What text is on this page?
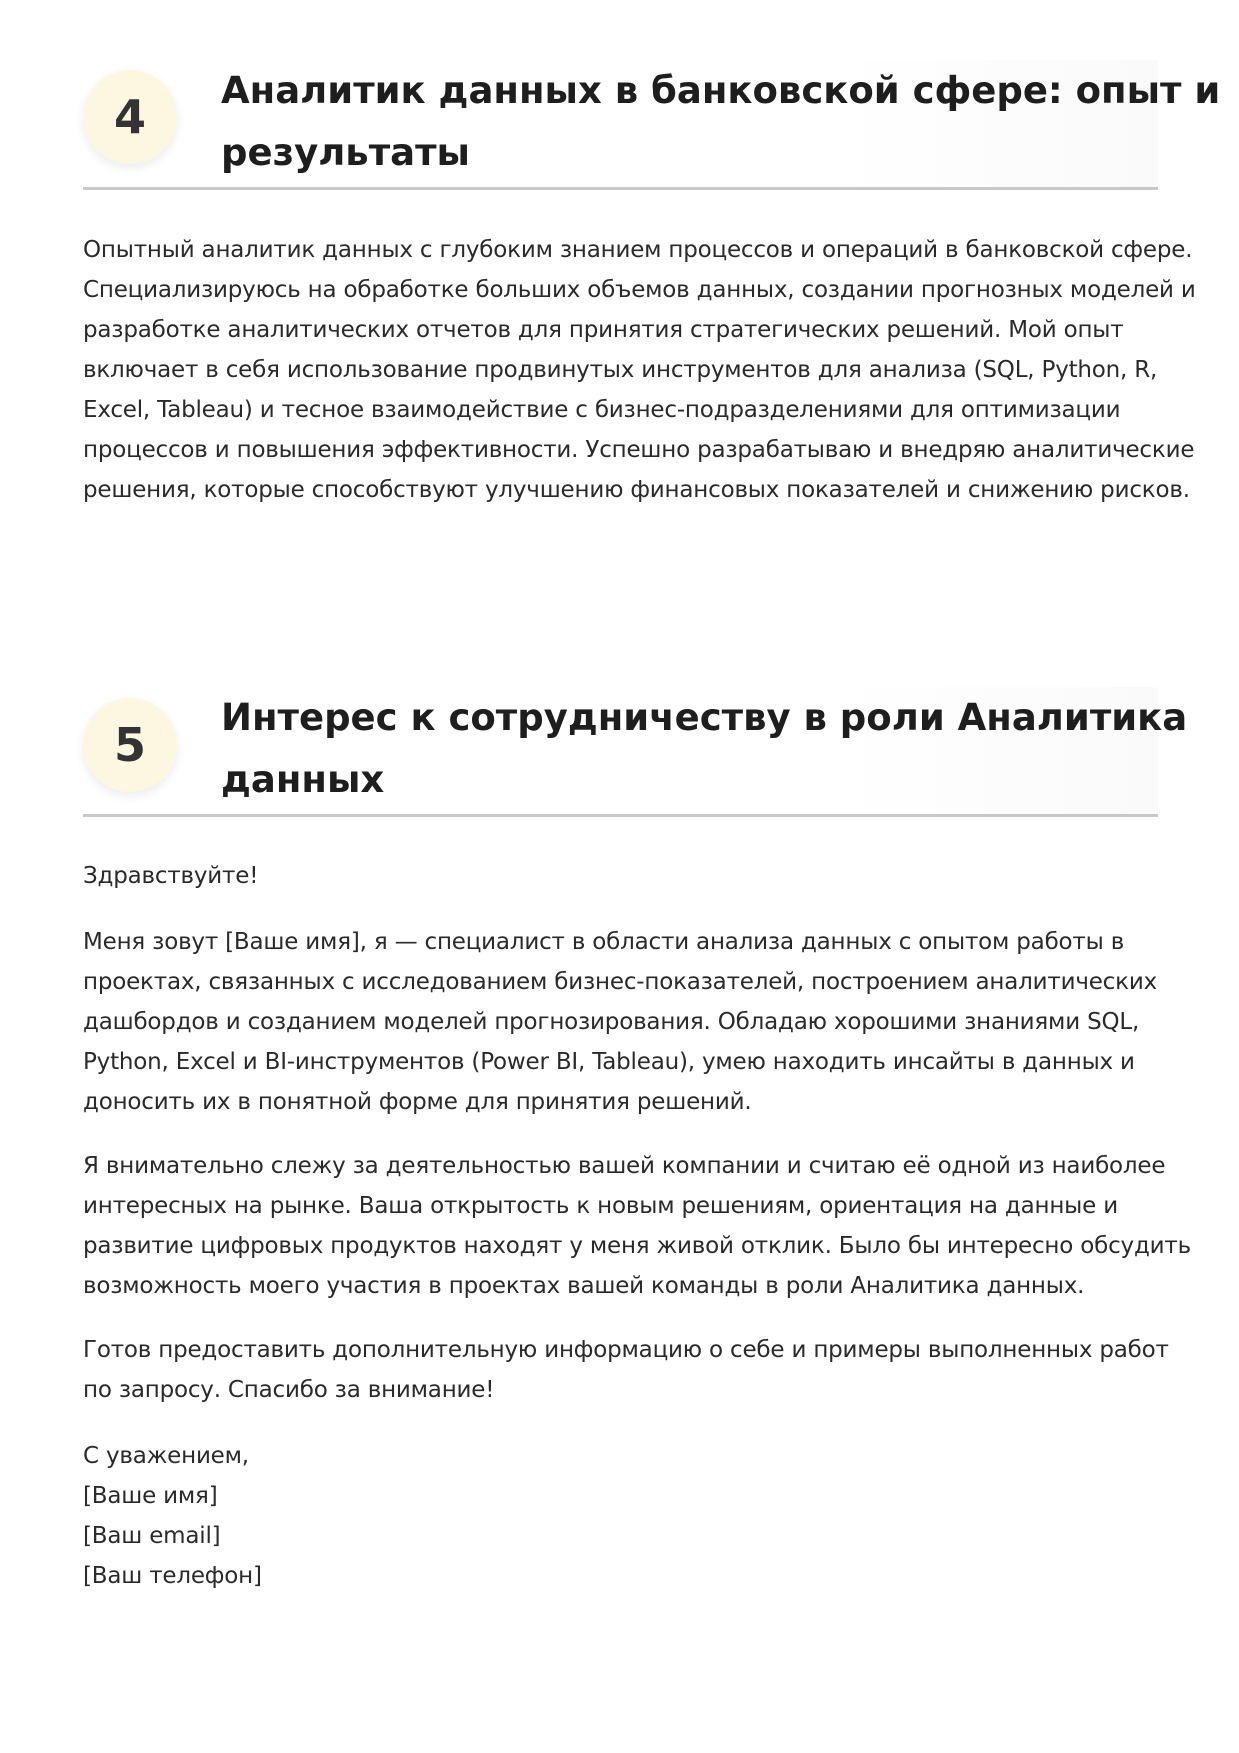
4	Аналитик данных в банковской сфере: опыт и
результаты

Опытный аналитик данных с глубоким знанием процессов и операций в банковской сфере.
Специализируюсь на обработке больших объемов данных, создании прогнозных моделей и
разработке аналитических отчетов для принятия стратегических решений. Мой опыт
включает в себя использование продвинутых инструментов для анализа (SQL, Python, R,
Excel, Tableau) и тесное взаимодействие с бизнес-подразделениями для оптимизации
процессов и повышения эффективности. Успешно разрабатываю и внедряю аналитические
решения, которые способствуют улучшению финансовых показателей и снижению рисков.

5
Интерес к сотрудничеству в роли Аналитика
данных

Здравствуйте!

Меня зовут [Ваше имя], я — специалист в области анализа данных с опытом работы в
проектах, связанных с исследованием бизнес-показателей, построением аналитических
дашбордов и созданием моделей прогнозирования. Обладаю хорошими знаниями SQL,
Python, Excel и BI-инструментов (Power BI, Tableau), умею находить инсайты в данных и
доносить их в понятной форме для принятия решений.

Я внимательно слежу за деятельностью вашей компании и считаю её одной из наиболее
интересных на рынке. Ваша открытость к новым решениям, ориентация на данные и
развитие цифровых продуктов находят у меня живой отклик. Было бы интересно обсудить
возможность моего участия в проектах вашей команды в роли Аналитика данных.

Готов предоставить дополнительную информацию о себе и примеры выполненных работ
по запросу. Спасибо за внимание!

С уважением,
[Ваше имя]
[Ваш email]
[Ваш телефон]
